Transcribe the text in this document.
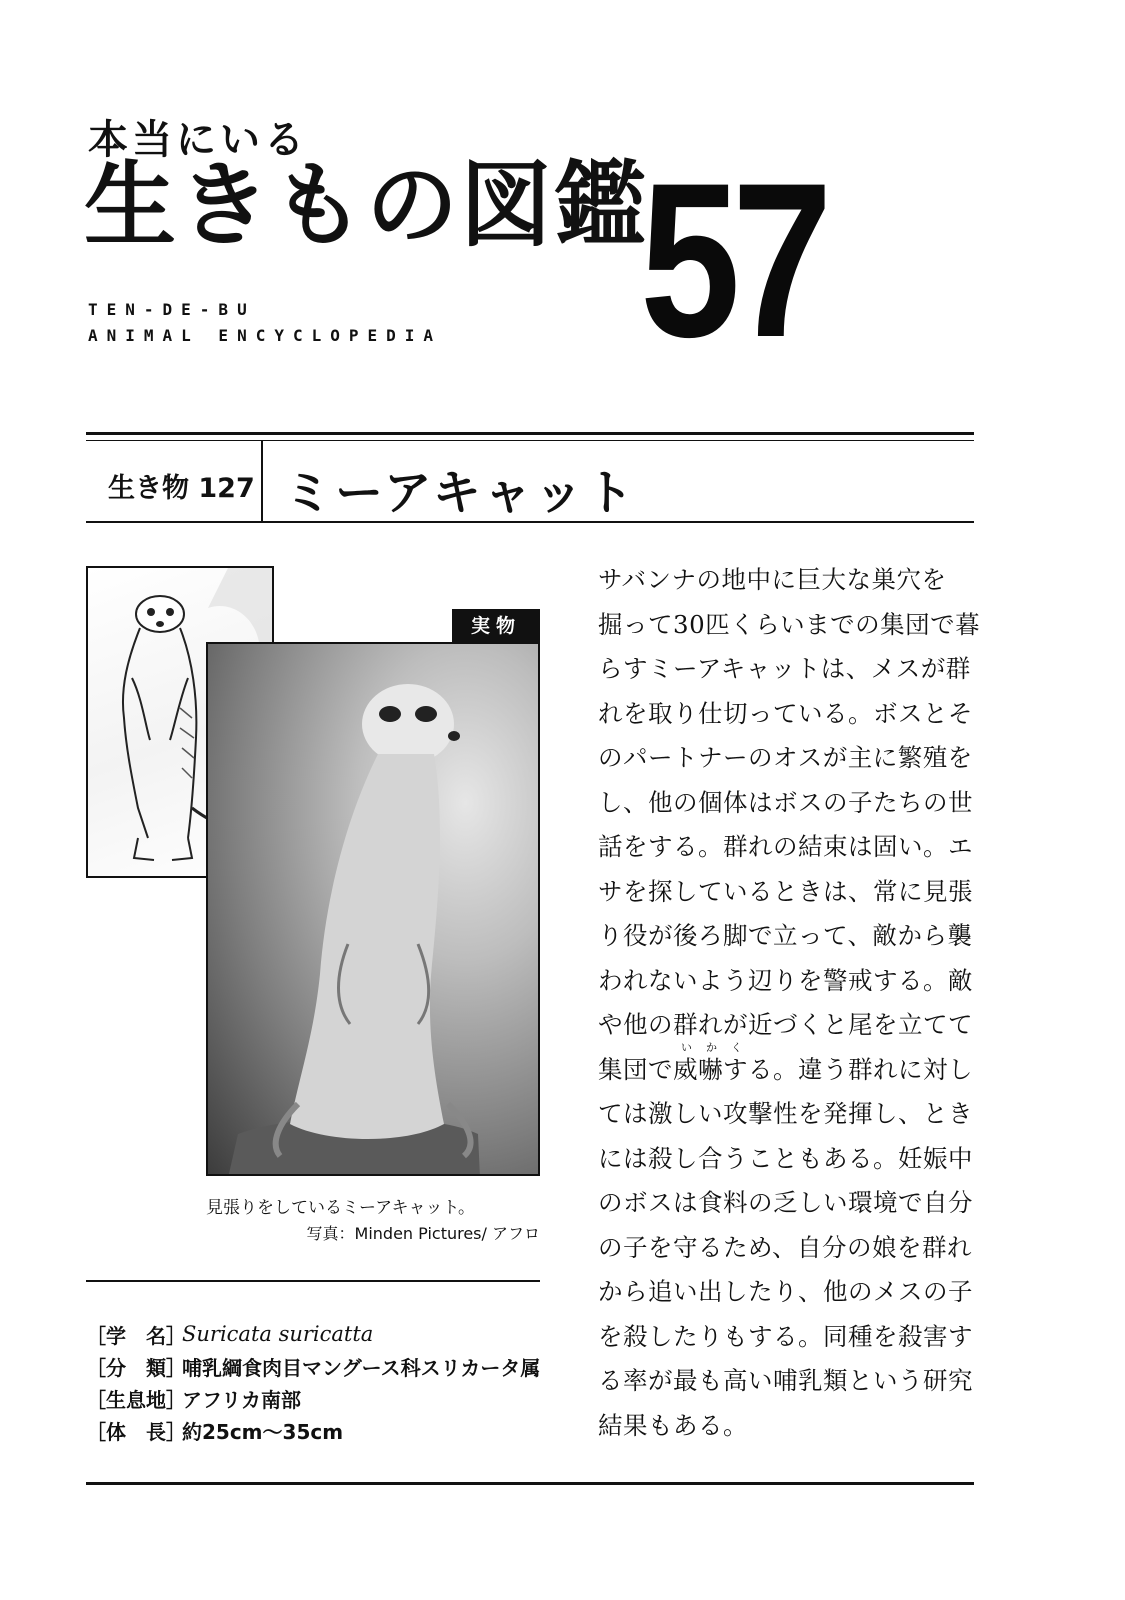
本当にいる
生きもの図鑑
TEN-DE-BU
ANIMAL ENCYCLOPEDIA 57
生き物 127 ミーアキャット
実物
見張りをしているミーアキャット。
写真：Minden Pictures/ アフロ
［学　名］
Suricata suricatta
［分　類］
哺乳綱食肉目マングース科スリカータ属
［生息地］
アフリカ南部
［体　長］
約25cm〜35cm
いかく
サバンナの地中に巨大な巣穴を
掘って30匹くらいまでの集団で暮
らすミーアキャットは、メスが群
れを取り仕切っている。ボスとそ
のパートナーのオスが主に繁殖を
し、他の個体はボスの子たちの世
話をする。群れの結束は固い。エ
サを探しているときは、常に見張
り役が後ろ脚で立って、敵から襲
われないよう辺りを警戒する。敵
や他の群れが近づくと尾を立てて
集団で威嚇する。違う群れに対し
ては激しい攻撃性を発揮し、とき
には殺し合うこともある。妊娠中
のボスは食料の乏しい環境で自分
の子を守るため、自分の娘を群れ
から追い出したり、他のメスの子
を殺したりもする。同種を殺害す
る率が最も高い哺乳類という研究
結果もある。
